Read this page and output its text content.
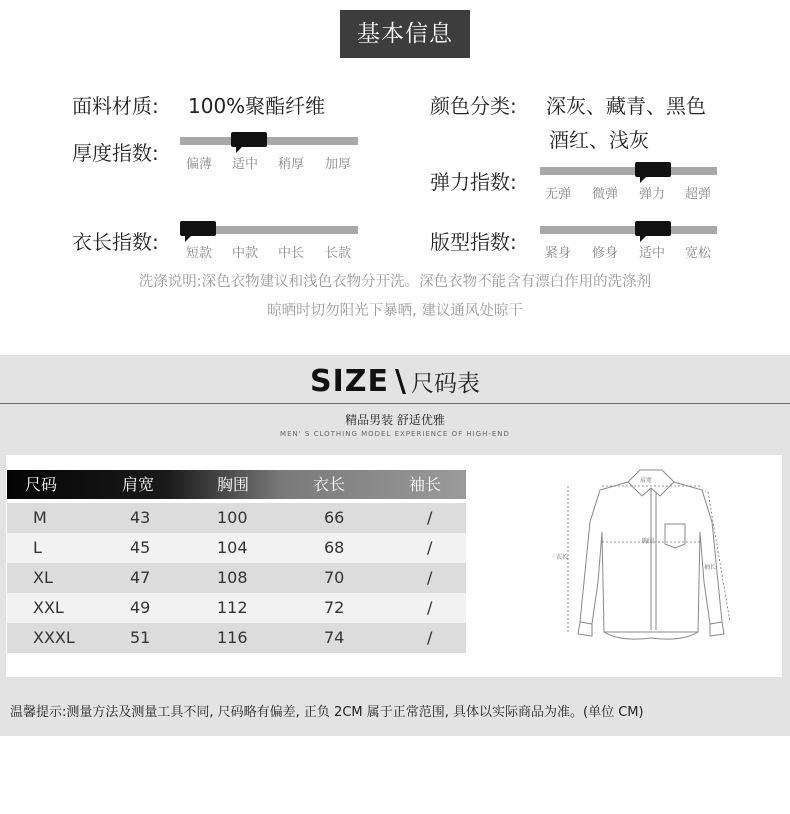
基本信息
面料材质: 100%聚酯纤维	颜色分类: 深灰、藏青、黑色
酒红、浅灰
厚度指数: 偏薄 适中 稍厚 加厚
弹力指数:
无弹 微弹 弹力 超弹
衣长指数: 短款 中款 中长 长款	版型指数: 紧身 修身 适中 宽松
洗涤说明:深色衣物建议和浅色衣物分开洗。深色衣物不能含有漂白作用的洗涤剂
晾晒时切勿阳光下暴晒, 建议通风处晾干
SIZE \ 尺码表
精品男装 舒适优雅
MEN' S CLOTHING MODEL EXPERIENCE OF HIGH-END
尺码	肩宽	胸围	衣长	袖长
M	43	100	66	/
L	45	104	68	/
XL	47	108	70	/
XXL	49	112	72	/
XXXL	51	116	74	/
肩宽
胸围
衣长
袖长
温馨提示:测量方法及测量工具不同, 尺码略有偏差, 正负 2CM 属于正常范围, 具体以实际商品为准。(单位 CM)
